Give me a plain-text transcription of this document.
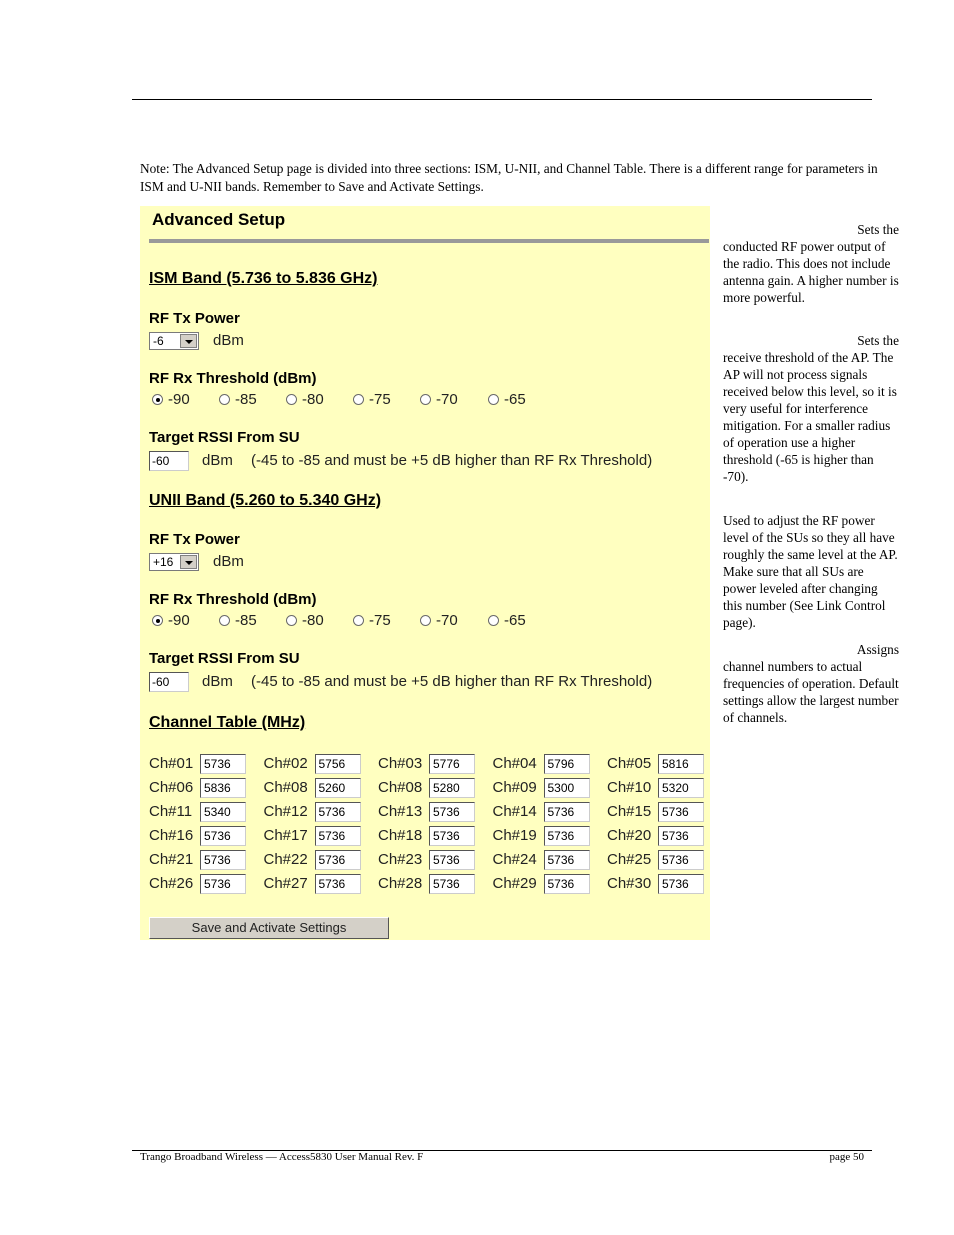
Note: The Advanced Setup page is divided into three sections: ISM, U-NII, and Channel Table. There is a different range for parameters in ISM and U-NII bands. Remember to Save and Activate Settings.
Advanced Setup
ISM Band (5.736 to 5.836 GHz)
RF Tx Power
-6	dBm
RF Rx Threshold (dBm)
-90	-85	-80	-75	-70	-65
Target RSSI From SU
-60	dBm (-45 to -85 and must be +5 dB higher than RF Rx Threshold)
UNII Band (5.260 to 5.340 GHz)
RF Tx Power
+16	dBm
RF Rx Threshold (dBm)
-90	-85	-80	-75	-70	-65
Target RSSI From SU
-60	dBm (-45 to -85 and must be +5 dB higher than RF Rx Threshold)
Channel Table (MHz)
Ch#01 5736	Ch#02 5756	Ch#03 5776	Ch#04 5796	Ch#05 5816
Ch#06 5836	Ch#08 5260	Ch#08 5280	Ch#09 5300	Ch#10 5320
Ch#11 5340	Ch#12 5736	Ch#13 5736	Ch#14 5736	Ch#15 5736
Ch#16 5736	Ch#17 5736	Ch#18 5736	Ch#19 5736	Ch#20 5736
Ch#21 5736	Ch#22 5736	Ch#23 5736	Ch#24 5736	Ch#25 5736
Ch#26 5736	Ch#27 5736	Ch#28 5736	Ch#29 5736	Ch#30 5736
Save and Activate Settings
Sets the
conducted RF power output of the radio. This does not include antenna gain. A higher number is more powerful.
Sets the
receive threshold of the AP. The AP will not process signals received below this level, so it is very useful for interference mitigation. For a smaller radius of operation use a higher threshold (-65 is higher than -70).
Used to adjust the RF power level of the SUs so they all have roughly the same level at the AP. Make sure that all SUs are power leveled after changing this number (See Link Control page).
Assigns
channel numbers to actual frequencies of operation. Default settings allow the largest number of channels.
Trango Broadband Wireless — Access5830 User Manual Rev. F	page 50
